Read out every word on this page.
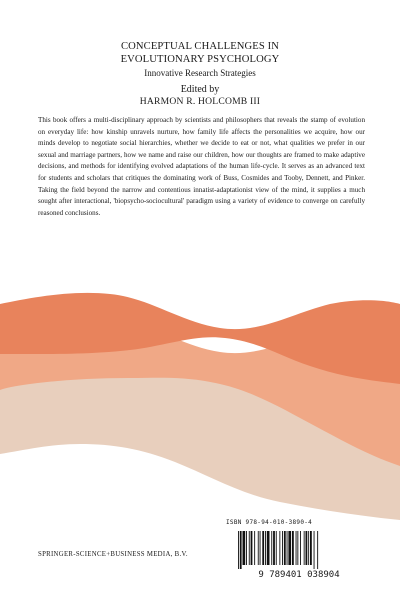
CONCEPTUAL CHALLENGES IN
EVOLUTIONARY PSYCHOLOGY
Innovative Research Strategies
Edited by
HARMON R. HOLCOMB III
This book offers a multi-disciplinary approach by scientists and philosophers that reveals the stamp of evolution on everyday life: how kinship unravels nurture, how family life affects the personalities we acquire, how our minds develop to negotiate social hierarchies, whether we decide to eat or not, what qualities we prefer in our sexual and marriage partners, how we name and raise our children, how our thoughts are framed to make adaptive decisions, and methods for identifying evolved adaptations of the human life-cycle. It serves as an advanced text for students and scholars that critiques the dominating work of Buss, Cosmides and Tooby, Dennett, and Pinker. Taking the field beyond the narrow and contentious innatist-adaptationist view of the mind, it supplies a much sought after interactional, 'biopsycho-sociocultural' paradigm using a variety of evidence to converge on carefully reasoned conclusions.
ISBN 978-94-010-3890-4
9 789401 038904
SPRINGER-SCIENCE+BUSINESS MEDIA, B.V.
